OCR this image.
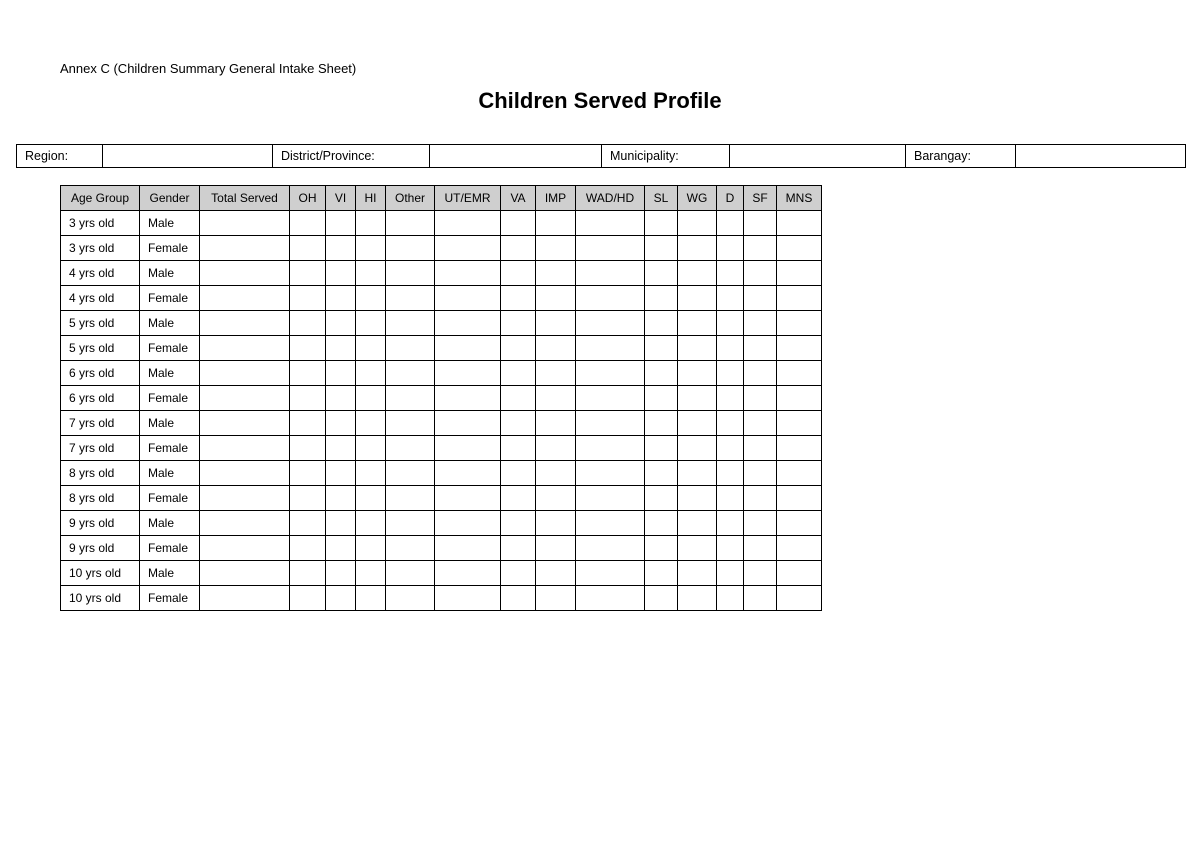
Annex C (Children Summary General Intake Sheet)

Children Served Profile
Region:		District/Province:		Municipality:		Barangay:	
Age Group	Gender	Total Served	OH	VI	HI	Other	UT/EMR	VA	IMP	WAD/HD	SL	WG	D	SF	MNS
3 yrs old	Male														
3 yrs old	Female														
4 yrs old	Male														
4 yrs old	Female														
5 yrs old	Male														
5 yrs old	Female														
6 yrs old	Male														
6 yrs old	Female														
7 yrs old	Male														
7 yrs old	Female														
8 yrs old	Male														
8 yrs old	Female														
9 yrs old	Male														
9 yrs old	Female														
10 yrs old	Male														
10 yrs old	Female														
